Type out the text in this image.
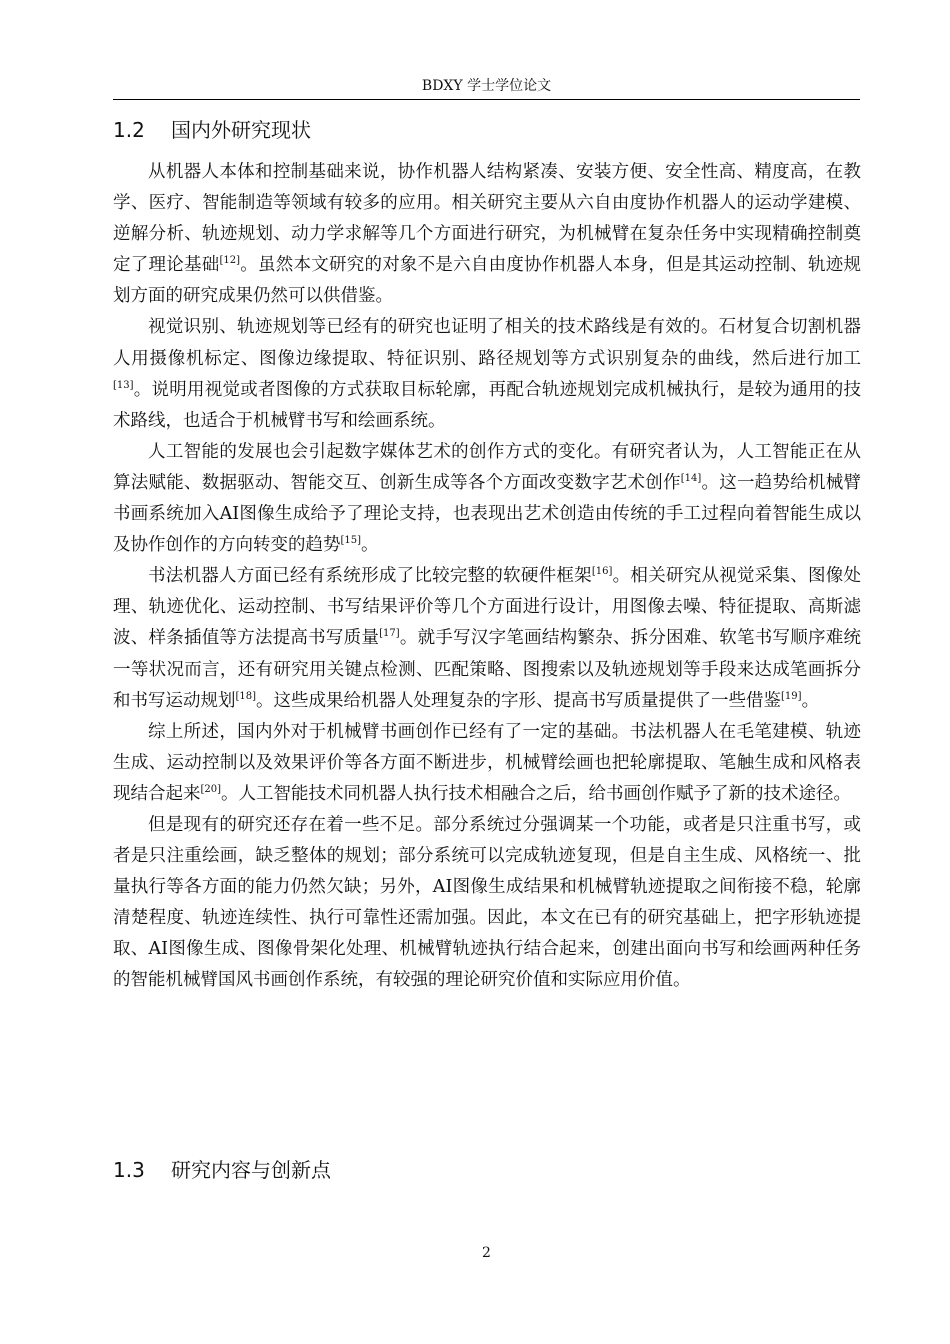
BDXY 学士学位论文
1.2 国内外研究现状

从机器人本体和控制基础来说，协作机器人结构紧凑、安装方便、安全性高、精度高，在教学、医疗、智能制造等领域有较多的应用。相关研究主要从六自由度协作机器人的运动学建模、逆解分析、轨迹规划、动力学求解等几个方面进行研究，为机械臂在复杂任务中实现精确控制奠定了理论基础[12]。虽然本文研究的对象不是六自由度协作机器人本身，但是其运动控制、轨迹规划方面的研究成果仍然可以供借鉴。

视觉识别、轨迹规划等已经有的研究也证明了相关的技术路线是有效的。石材复合切割机器人用摄像机标定、图像边缘提取、特征识别、路径规划等方式识别复杂的曲线，然后进行加工[13]。说明用视觉或者图像的方式获取目标轮廓，再配合轨迹规划完成机械执行，是较为通用的技术路线，也适合于机械臂书写和绘画系统。

人工智能的发展也会引起数字媒体艺术的创作方式的变化。有研究者认为，人工智能正在从算法赋能、数据驱动、智能交互、创新生成等各个方面改变数字艺术创作[14]。这一趋势给机械臂书画系统加入AI图像生成给予了理论支持，也表现出艺术创造由传统的手工过程向着智能生成以及协作创作的方向转变的趋势[15]。

书法机器人方面已经有系统形成了比较完整的软硬件框架[16]。相关研究从视觉采集、图像处理、轨迹优化、运动控制、书写结果评价等几个方面进行设计，用图像去噪、特征提取、高斯滤波、样条插值等方法提高书写质量[17]。就手写汉字笔画结构繁杂、拆分困难、软笔书写顺序难统一等状况而言，还有研究用关键点检测、匹配策略、图搜索以及轨迹规划等手段来达成笔画拆分和书写运动规划[18]。这些成果给机器人处理复杂的字形、提高书写质量提供了一些借鉴[19]。

综上所述，国内外对于机械臂书画创作已经有了一定的基础。书法机器人在毛笔建模、轨迹生成、运动控制以及效果评价等各方面不断进步，机械臂绘画也把轮廓提取、笔触生成和风格表现结合起来[20]。人工智能技术同机器人执行技术相融合之后，给书画创作赋予了新的技术途径。

但是现有的研究还存在着一些不足。部分系统过分强调某一个功能，或者是只注重书写，或者是只注重绘画，缺乏整体的规划；部分系统可以完成轨迹复现，但是自主生成、风格统一、批量执行等各方面的能力仍然欠缺；另外，AI图像生成结果和机械臂轨迹提取之间衔接不稳，轮廓清楚程度、轨迹连续性、执行可靠性还需加强。因此，本文在已有的研究基础上，把字形轨迹提取、AI图像生成、图像骨架化处理、机械臂轨迹执行结合起来，创建出面向书写和绘画两种任务的智能机械臂国风书画创作系统，有较强的理论研究价值和实际应用价值。

1.3 研究内容与创新点
2
